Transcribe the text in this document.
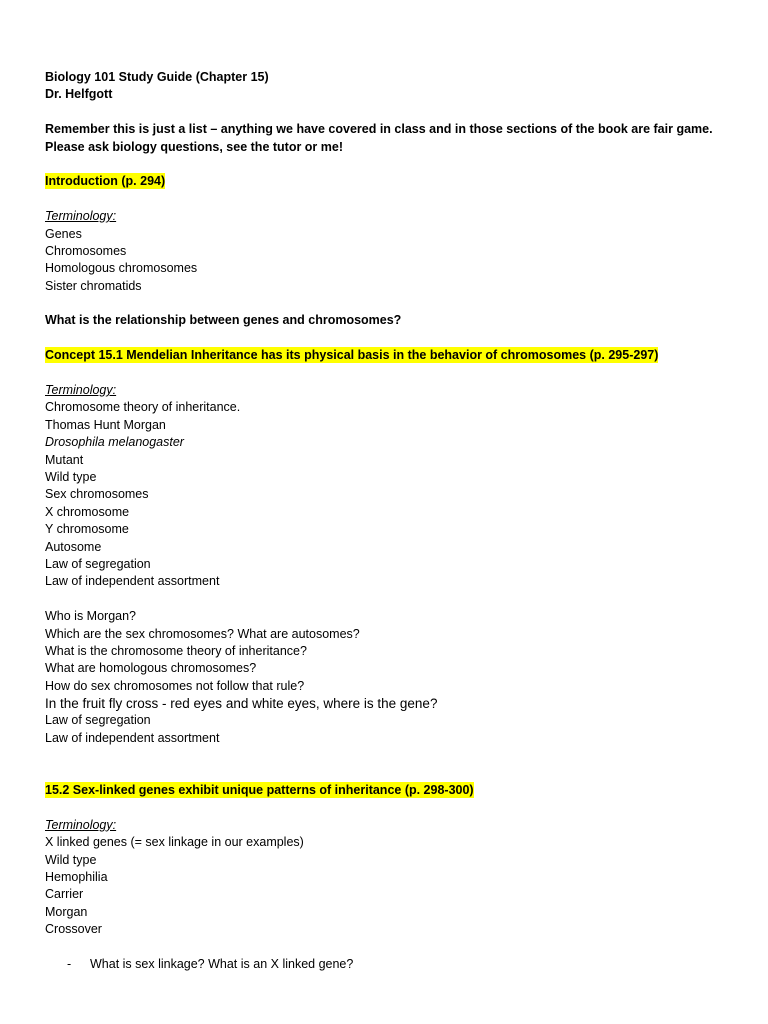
Biology 101 Study Guide (Chapter 15)
Dr. Helfgott
Remember this is just a list – anything we have covered in class and in those sections of the book are fair game.
Please ask biology questions, see the tutor or me!
Introduction (p. 294)
Terminology:
Genes
Chromosomes
Homologous chromosomes
Sister chromatids
What is the relationship between genes and chromosomes?
Concept 15.1 Mendelian Inheritance has its physical basis in the behavior of chromosomes (p. 295-297)
Terminology:
Chromosome theory of inheritance.
Thomas Hunt Morgan
Drosophila melanogaster
Mutant
Wild type
Sex chromosomes
X chromosome
Y chromosome
Autosome
Law of segregation
Law of independent assortment
Who is Morgan?
Which are the sex chromosomes? What are autosomes?
What is the chromosome theory of inheritance?
What are homologous chromosomes?
How do sex chromosomes not follow that rule?
In the fruit fly cross - red eyes and white eyes, where is the gene?
Law of segregation
Law of independent assortment
15.2 Sex-linked genes exhibit unique patterns of inheritance (p. 298-300)
Terminology:
X linked genes (= sex linkage in our examples)
Wild type
Hemophilia
Carrier
Morgan
Crossover
- What is sex linkage? What is an X linked gene?
